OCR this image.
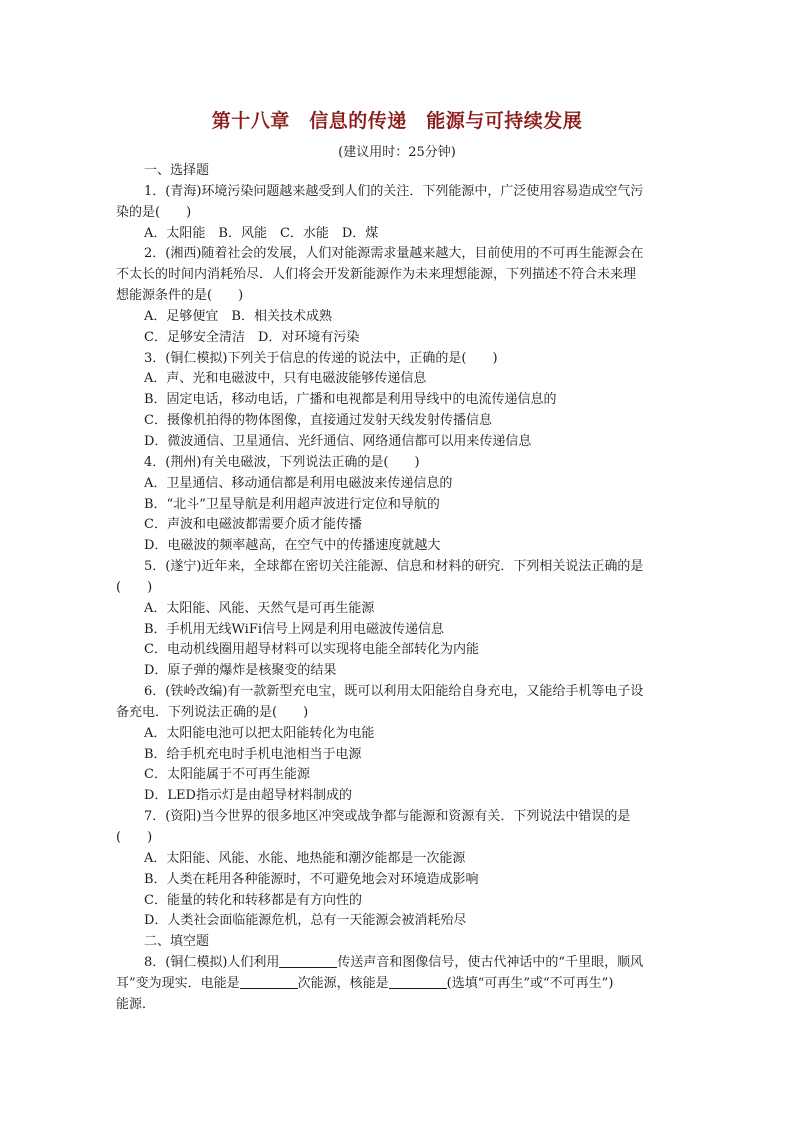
第十八章　信息的传递　能源与可持续发展
(建议用时：25分钟)
一、选择题
1．(青海)环境污染问题越来越受到人们的关注．下列能源中，广泛使用容易造成空气污
染的是(　　)
A．太阳能　B．风能　C．水能　D．煤
2．(湘西)随着社会的发展，人们对能源需求量越来越大，目前使用的不可再生能源会在
不太长的时间内消耗殆尽．人们将会开发新能源作为未来理想能源，下列描述不符合未来理
想能源条件的是(　　)
A．足够便宜　B．相关技术成熟
C．足够安全清洁　D．对环境有污染
3．(铜仁模拟)下列关于信息的传递的说法中，正确的是(　　)
A．声、光和电磁波中，只有电磁波能够传递信息
B．固定电话，移动电话，广播和电视都是利用导线中的电流传递信息的
C．摄像机拍得的物体图像，直接通过发射天线发射传播信息
D．微波通信、卫星通信、光纤通信、网络通信都可以用来传递信息
4．(荆州)有关电磁波，下列说法正确的是(　　)
A．卫星通信、移动通信都是利用电磁波来传递信息的
B．“北斗”卫星导航是利用超声波进行定位和导航的
C．声波和电磁波都需要介质才能传播
D．电磁波的频率越高，在空气中的传播速度就越大
5．(遂宁)近年来，全球都在密切关注能源、信息和材料的研究．下列相关说法正确的是
(　　)
A．太阳能、风能、天然气是可再生能源
B．手机用无线WiFi信号上网是利用电磁波传递信息
C．电动机线圈用超导材料可以实现将电能全部转化为内能
D．原子弹的爆炸是核聚变的结果
6．(铁岭改编)有一款新型充电宝，既可以利用太阳能给自身充电，又能给手机等电子设
备充电．下列说法正确的是(　　)
A．太阳能电池可以把太阳能转化为电能
B．给手机充电时手机电池相当于电源
C．太阳能属于不可再生能源
D．LED指示灯是由超导材料制成的
7．(资阳)当今世界的很多地区冲突或战争都与能源和资源有关．下列说法中错误的是
(　　)
A．太阳能、风能、水能、地热能和潮汐能都是一次能源
B．人类在耗用各种能源时，不可避免地会对环境造成影响
C．能量的转化和转移都是有方向性的
D．人类社会面临能源危机，总有一天能源会被消耗殆尽
二、填空题
8．(铜仁模拟)人们利用	传送声音和图像信号，使古代神话中的“千里眼，顺风
耳”变为现实．电能是	次能源，核能是	(选填“可再生”或“不可再生”)
能源．
